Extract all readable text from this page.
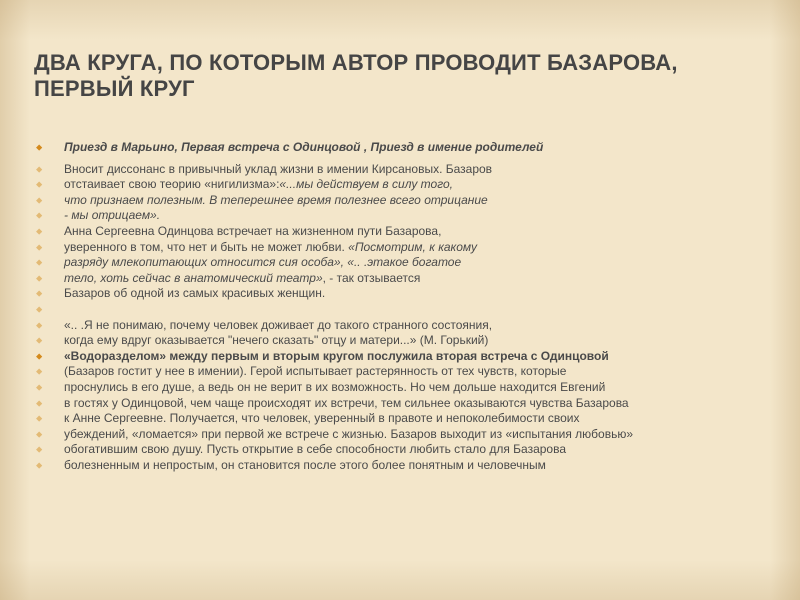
ДВА КРУГА, ПО КОТОРЫМ АВТОР ПРОВОДИТ БАЗАРОВА, ПЕРВЫЙ КРУГ
⬥ Приезд в Марьино, Первая встреча с Одинцовой , Приезд в имение родителей
⬥ Вносит диссонанс в привычный уклад жизни в имении Кирсановых. Базаров
⬥ отстаивает свою теорию «нигилизма»:«...мы действуем в силу того,
⬥ что признаем полезным. В теперешнее время полезнее всего отрицание
⬥ - мы отрицаем».
⬥ Анна Сергеевна Одинцова встречает на жизненном пути Базарова,
⬥ уверенного в том, что нет и быть не может любви. «Посмотрим, к какому
⬥ разряду млекопитающих относится сия особа», «.. .этакое богатое
⬥ тело, хоть сейчас в анатомический театр», - так отзывается
⬥ Базаров об одной из самых красивых женщин.
⬥

⬥ «.. .Я не понимаю, почему человек доживает до такого странного состояния,
⬥ когда ему вдруг оказывается "нечего сказать" отцу и матери...» (М. Горький)
⬥ «Водоразделом» между первым и вторым кругом послужила вторая встреча с Одинцовой
⬥ (Базаров гостит у нее в имении). Герой испытывает растерянность от тех чувств, которые
⬥ проснулись в его душе, а ведь он не верит в их возможность. Но чем дольше находится Евгений
⬥ в гостях у Одинцовой, чем чаще происходят их встречи, тем сильнее оказываются чувства Базарова
⬥ к Анне Сергеевне. Получается, что человек, уверенный в правоте и непоколебимости своих
⬥ убеждений, «ломается» при первой же встрече с жизнью. Базаров выходит из «испытания любовью»
⬥ обогатившим свою душу. Пусть открытие в себе способности любить стало для Базарова
⬥ болезненным и непростым, он становится после этого более понятным и человечным
